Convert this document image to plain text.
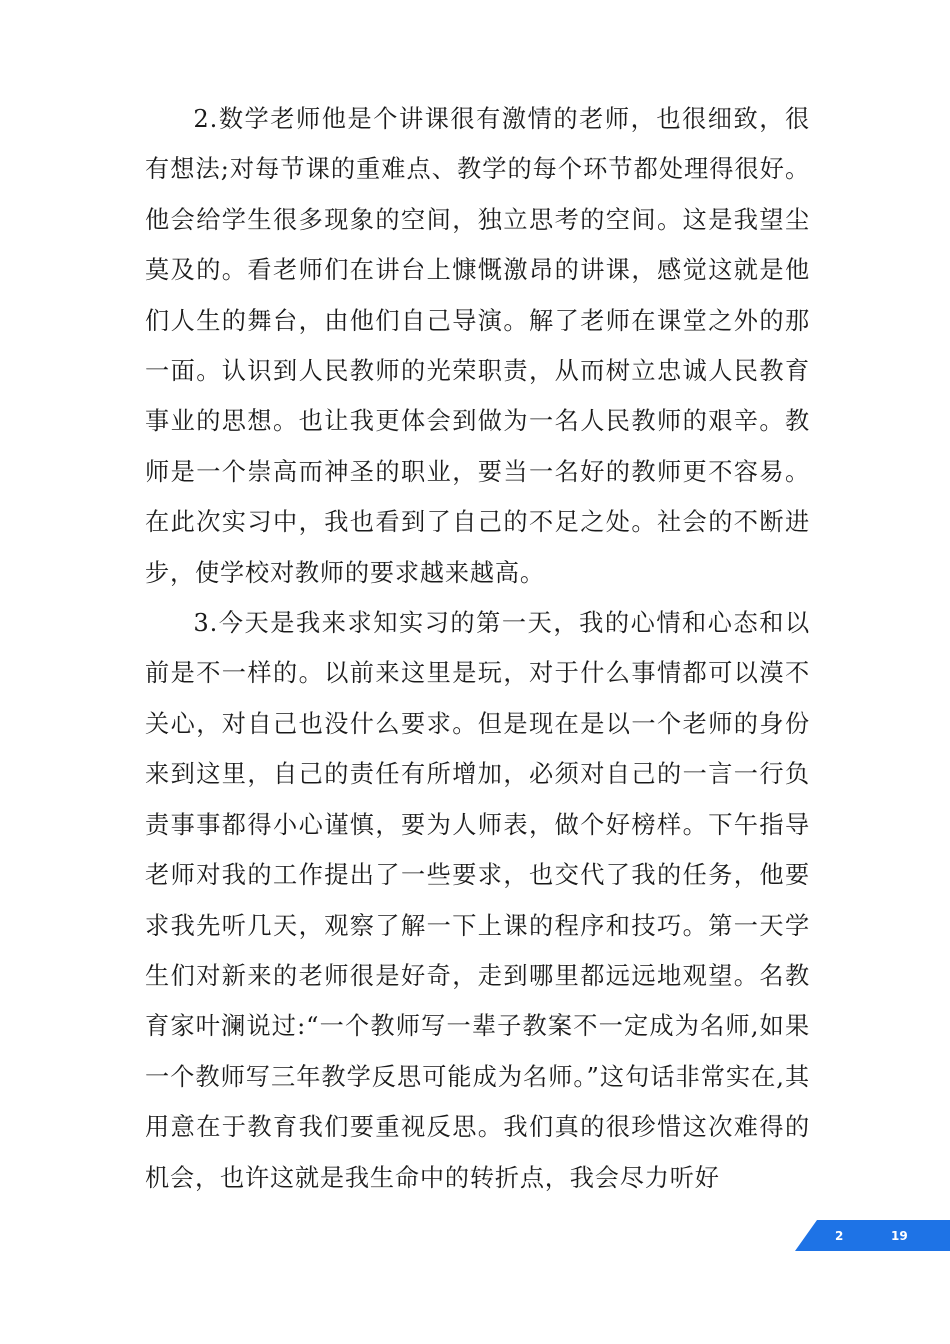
2.数学老师他是个讲课很有激情的老师，也很细致，很有想法;对每节课的重难点、教学的每个环节都处理得很好。他会给学生很多现象的空间，独立思考的空间。这是我望尘莫及的。看老师们在讲台上慷慨激昂的讲课，感觉这就是他们人生的舞台，由他们自己导演。解了老师在课堂之外的那一面。认识到人民教师的光荣职责，从而树立忠诚人民教育事业的思想。也让我更体会到做为一名人民教师的艰辛。教师是一个崇高而神圣的职业，要当一名好的教师更不容易。在此次实习中，我也看到了自己的不足之处。社会的不断进步，使学校对教师的要求越来越高。

3.今天是我来求知实习的第一天，我的心情和心态和以前是不一样的。以前来这里是玩，对于什么事情都可以漠不关心，对自己也没什么要求。但是现在是以一个老师的身份来到这里，自己的责任有所增加，必须对自己的一言一行负责事事都得小心谨慎，要为人师表，做个好榜样。下午指导老师对我的工作提出了一些要求，也交代了我的任务，他要求我先听几天，观察了解一下上课的程序和技巧。第一天学生们对新来的老师很是好奇，走到哪里都远远地观望。名教育家叶澜说过:“一个教师写一辈子教案不一定成为名师,如果一个教师写三年教学反思可能成为名师。”这句话非常实在,其用意在于教育我们要重视反思。我们真的很珍惜这次难得的机会，也许这就是我生命中的转折点，我会尽力听好

2	19
